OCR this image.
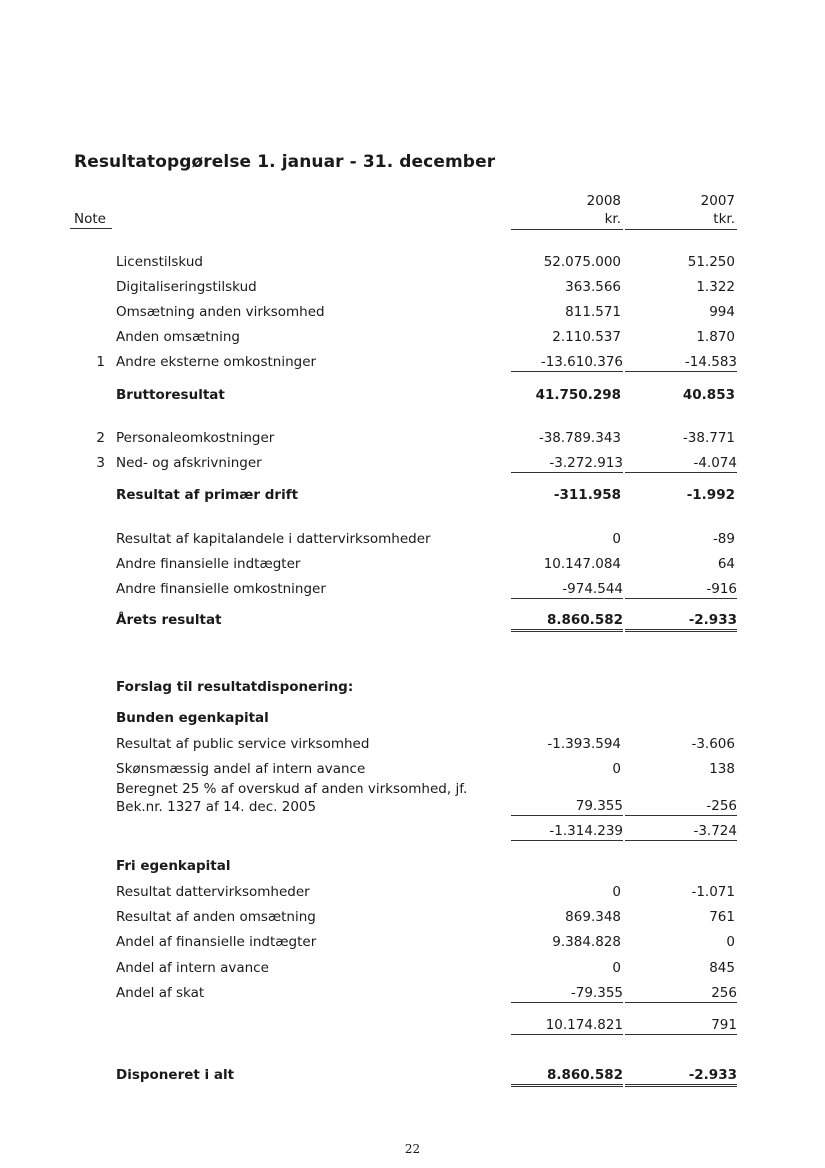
Resultatopgørelse 1. januar - 31. december
Note
2008	2007
kr.	tkr.
Licenstilskud	52.075.000	51.250
Digitaliseringstilskud	363.566	1.322
Omsætning anden virksomhed	811.571	994
Anden omsætning	2.110.537	1.870
1 Andre eksterne omkostninger	-13.610.376	-14.583
Bruttoresultat	41.750.298	40.853
2 Personaleomkostninger	-38.789.343	-38.771
3 Ned- og afskrivninger	-3.272.913	-4.074
Resultat af primær drift	-311.958	-1.992
Resultat af kapitalandele i dattervirksomheder	0	-89
Andre finansielle indtægter	10.147.084	64
Andre finansielle omkostninger	-974.544	-916
Årets resultat	8.860.582	-2.933
Forslag til resultatdisponering:
Bunden egenkapital
Resultat af public service virksomhed	-1.393.594	-3.606
Skønsmæssig andel af intern avance	0	138
Beregnet 25 % af overskud af anden virksomhed, jf. Bek.nr. 1327 af 14. dec. 2005	79.355	-256
-1.314.239	-3.724
Fri egenkapital
Resultat dattervirksomheder	0	-1.071
Resultat af anden omsætning	869.348	761
Andel af finansielle indtægter	9.384.828	0
Andel af intern avance	0	845
Andel af skat	-79.355	256
10.174.821	791
Disponeret i alt	8.860.582	-2.933
22
